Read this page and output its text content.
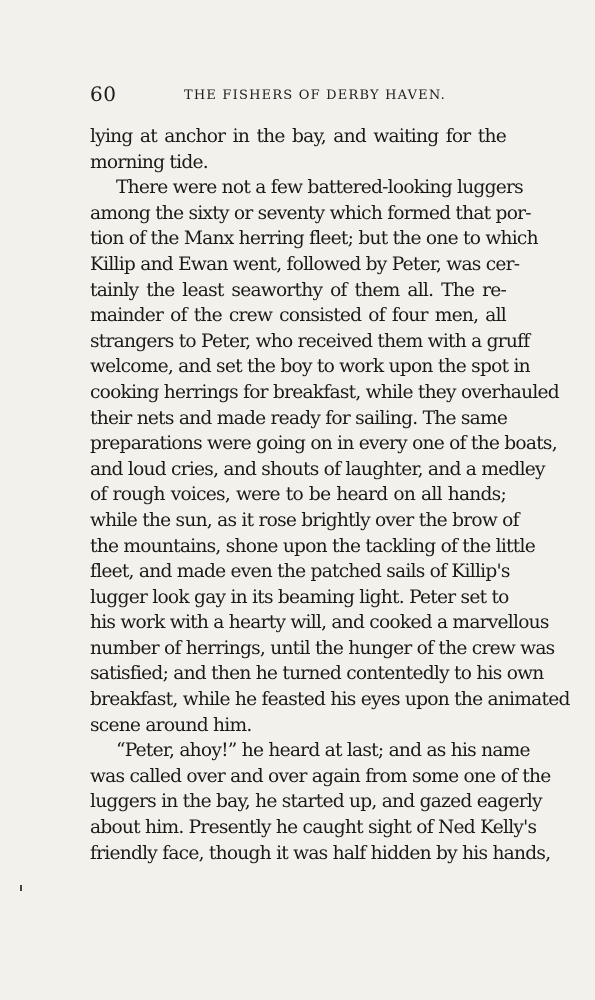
60	THE FISHERS OF DERBY HAVEN.
lying at anchor in the bay, and waiting for the
morning tide.
There were not a few battered-looking luggers
among the sixty or seventy which formed that por-
tion of the Manx herring fleet; but the one to which
Killip and Ewan went, followed by Peter, was cer-
tainly the least seaworthy of them all. The re-
mainder of the crew consisted of four men, all
strangers to Peter, who received them with a gruff
welcome, and set the boy to work upon the spot in
cooking herrings for breakfast, while they overhauled
their nets and made ready for sailing. The same
preparations were going on in every one of the boats,
and loud cries, and shouts of laughter, and a medley
of rough voices, were to be heard on all hands;
while the sun, as it rose brightly over the brow of
the mountains, shone upon the tackling of the little
fleet, and made even the patched sails of Killip's
lugger look gay in its beaming light. Peter set to
his work with a hearty will, and cooked a marvellous
number of herrings, until the hunger of the crew was
satisfied; and then he turned contentedly to his own
breakfast, while he feasted his eyes upon the animated
scene around him.
“Peter, ahoy!” he heard at last; and as his name
was called over and over again from some one of the
luggers in the bay, he started up, and gazed eagerly
about him. Presently he caught sight of Ned Kelly's
friendly face, though it was half hidden by his hands,
